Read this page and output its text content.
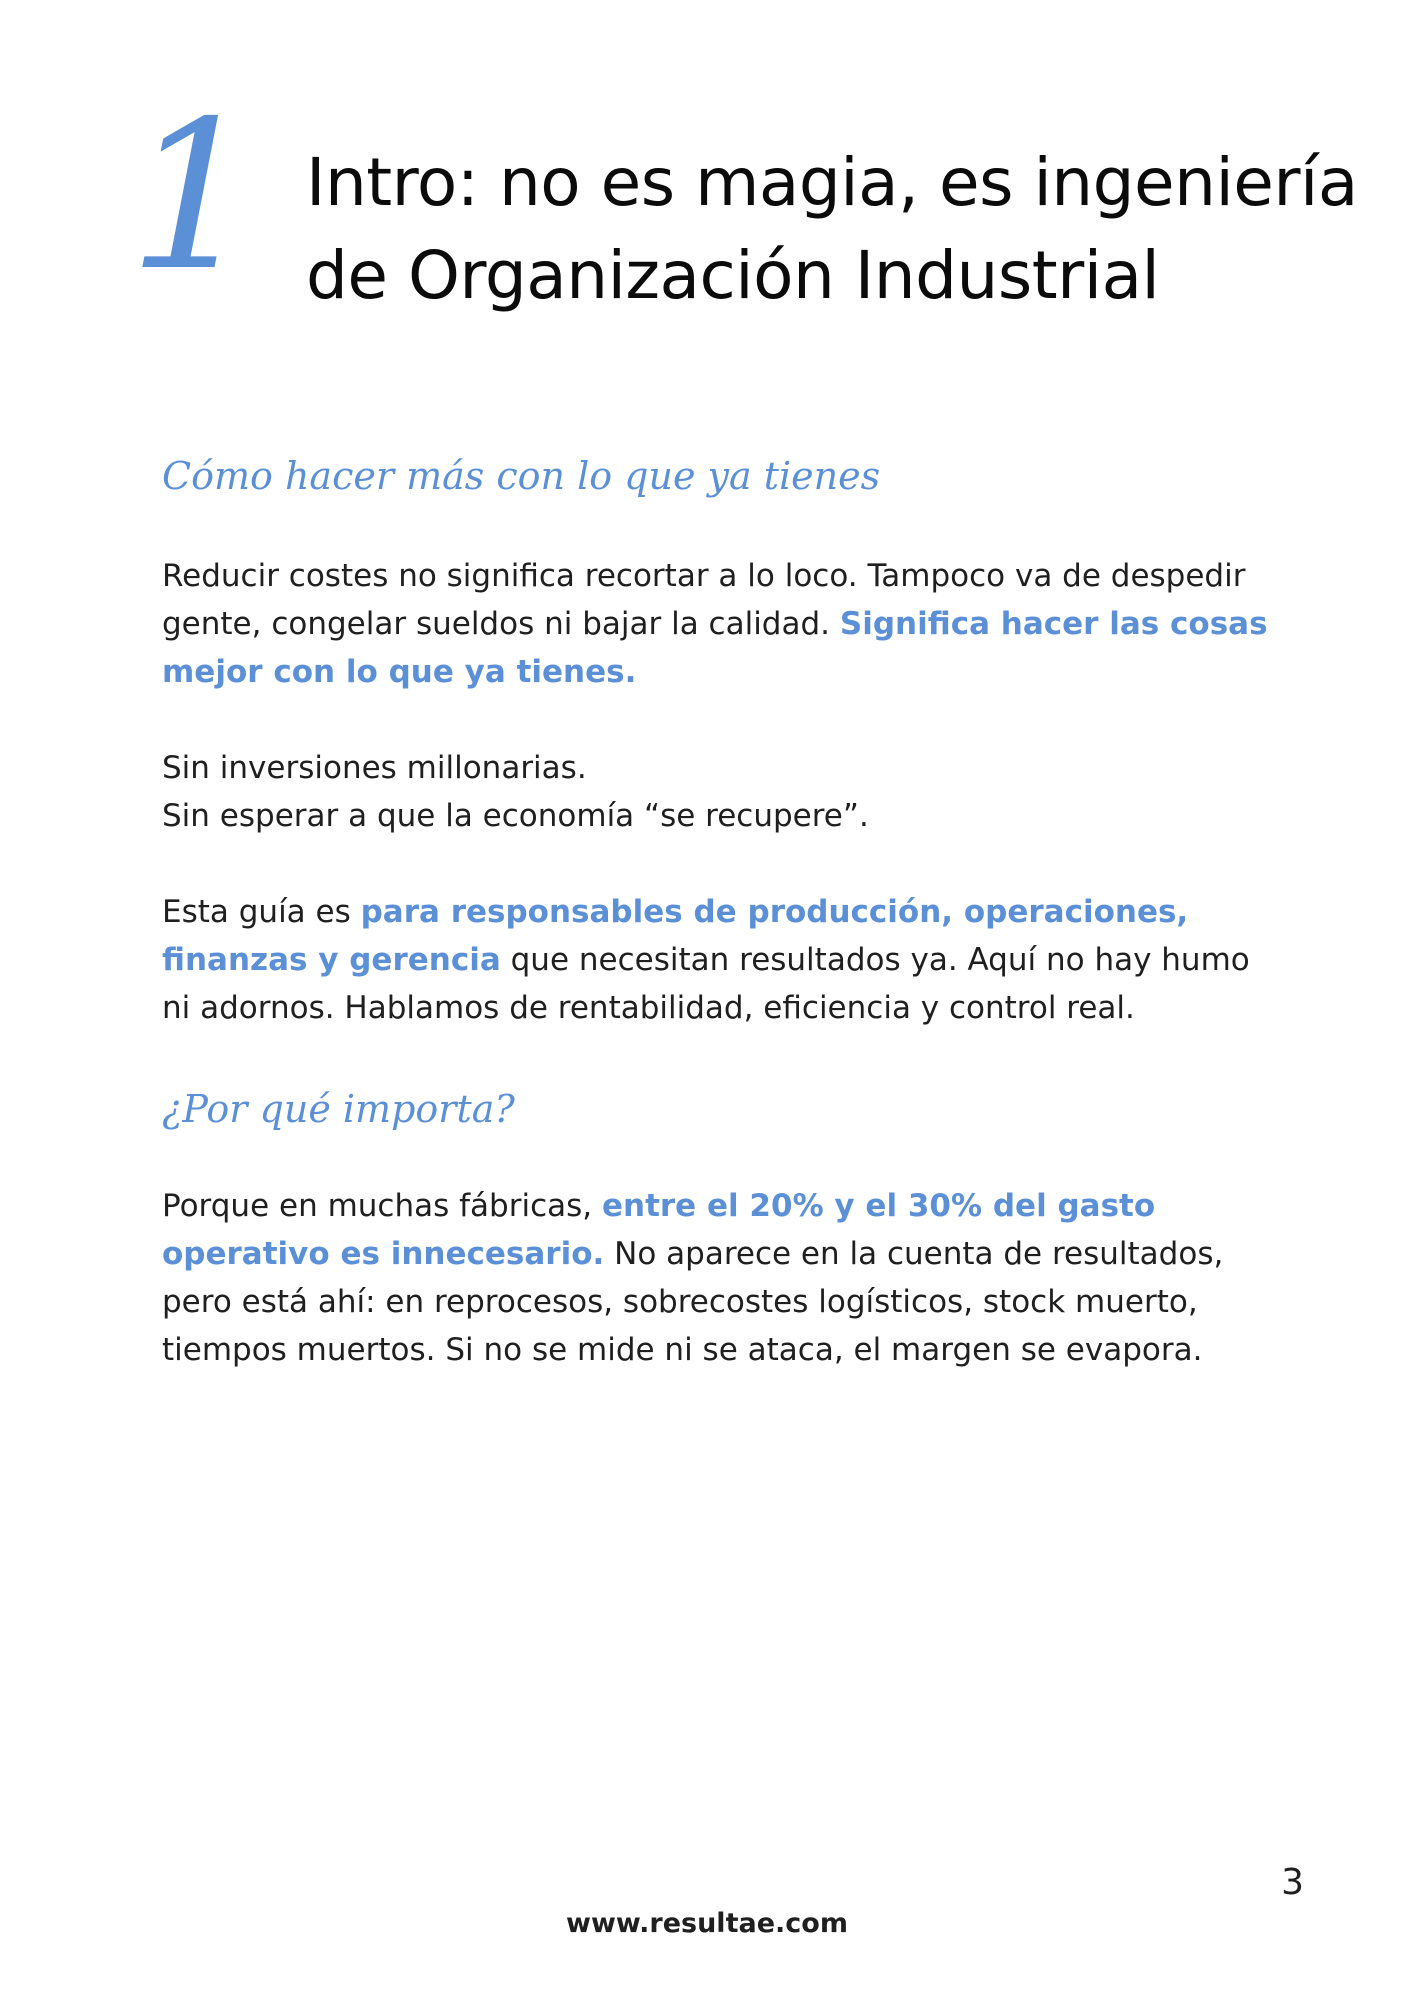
1 Intro: no es magia, es ingeniería
de Organización Industrial
Cómo hacer más con lo que ya tienes
Reducir costes no significa recortar a lo loco. Tampoco va de despedir
gente, congelar sueldos ni bajar la calidad. Significa hacer las cosas
mejor con lo que ya tienes.
Sin inversiones millonarias.
Sin esperar a que la economía “se recupere”.
Esta guía es para responsables de producción, operaciones,
finanzas y gerencia que necesitan resultados ya. Aquí no hay humo
ni adornos. Hablamos de rentabilidad, eficiencia y control real.
¿Por qué importa?
Porque en muchas fábricas, entre el 20% y el 30% del gasto
operativo es innecesario. No aparece en la cuenta de resultados,
pero está ahí: en reprocesos, sobrecostes logísticos, stock muerto,
tiempos muertos. Si no se mide ni se ataca, el margen se evapora.
3
www.resultae.com
